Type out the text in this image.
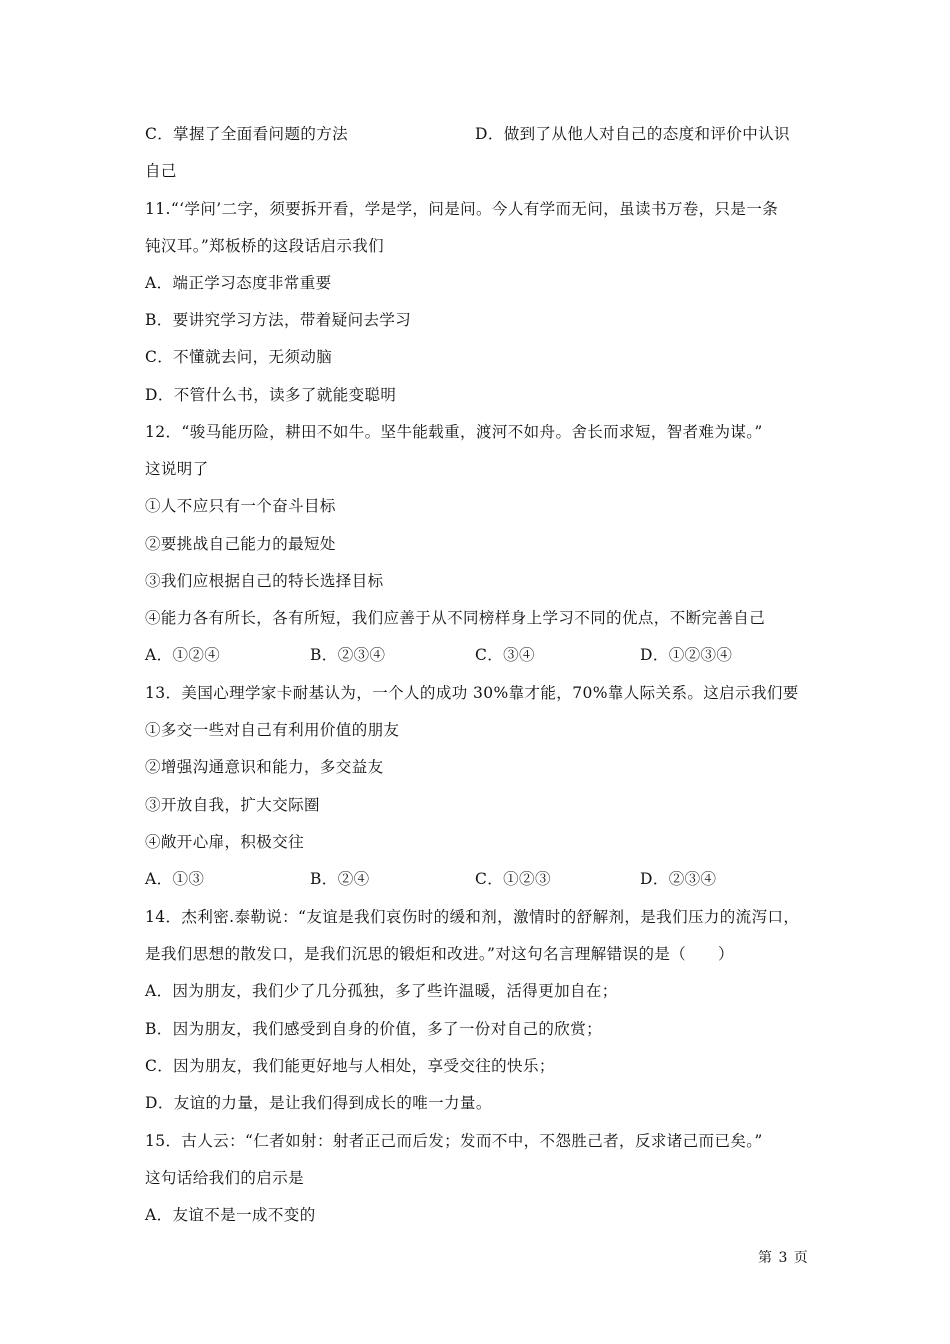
C．掌握了全面看问题的方法	D．做到了从他人对自己的态度和评价中认识
自己
11.“‘学问’二字，须要拆开看，学是学，问是问。今人有学而无问，虽读书万卷，只是一条
钝汉耳。”郑板桥的这段话启示我们
A．端正学习态度非常重要
B．要讲究学习方法，带着疑问去学习
C．不懂就去问，无须动脑
D．不管什么书，读多了就能变聪明
12．“骏马能历险，耕田不如牛。坚牛能载重，渡河不如舟。舍长而求短，智者难为谋。”
这说明了
①人不应只有一个奋斗目标
②要挑战自己能力的最短处
③我们应根据自己的特长选择目标
④能力各有所长，各有所短，我们应善于从不同榜样身上学习不同的优点，不断完善自己
A．①②④	B．②③④	C．③④	D．①②③④
13．美国心理学家卡耐基认为，一个人的成功 30%靠才能，70%靠人际关系。这启示我们要
①多交一些对自己有利用价值的朋友
②增强沟通意识和能力，多交益友
③开放自我，扩大交际圈
④敞开心扉，积极交往
A．①③	B．②④	C．①②③	D．②③④
14．杰利密.泰勒说：“友谊是我们哀伤时的缓和剂，激情时的舒解剂，是我们压力的流泻口，
是我们思想的散发口，是我们沉思的锻炬和改进。”对这句名言理解错误的是（　　）
A．因为朋友，我们少了几分孤独，多了些许温暖，活得更加自在；
B．因为朋友，我们感受到自身的价值，多了一份对自己的欣赏；
C．因为朋友，我们能更好地与人相处，享受交往的快乐；
D．友谊的力量，是让我们得到成长的唯一力量。
15．古人云：“仁者如射：射者正己而后发；发而不中，不怨胜己者，反求诸己而已矣。”
这句话给我们的启示是
A．友谊不是一成不变的
第 3 页
